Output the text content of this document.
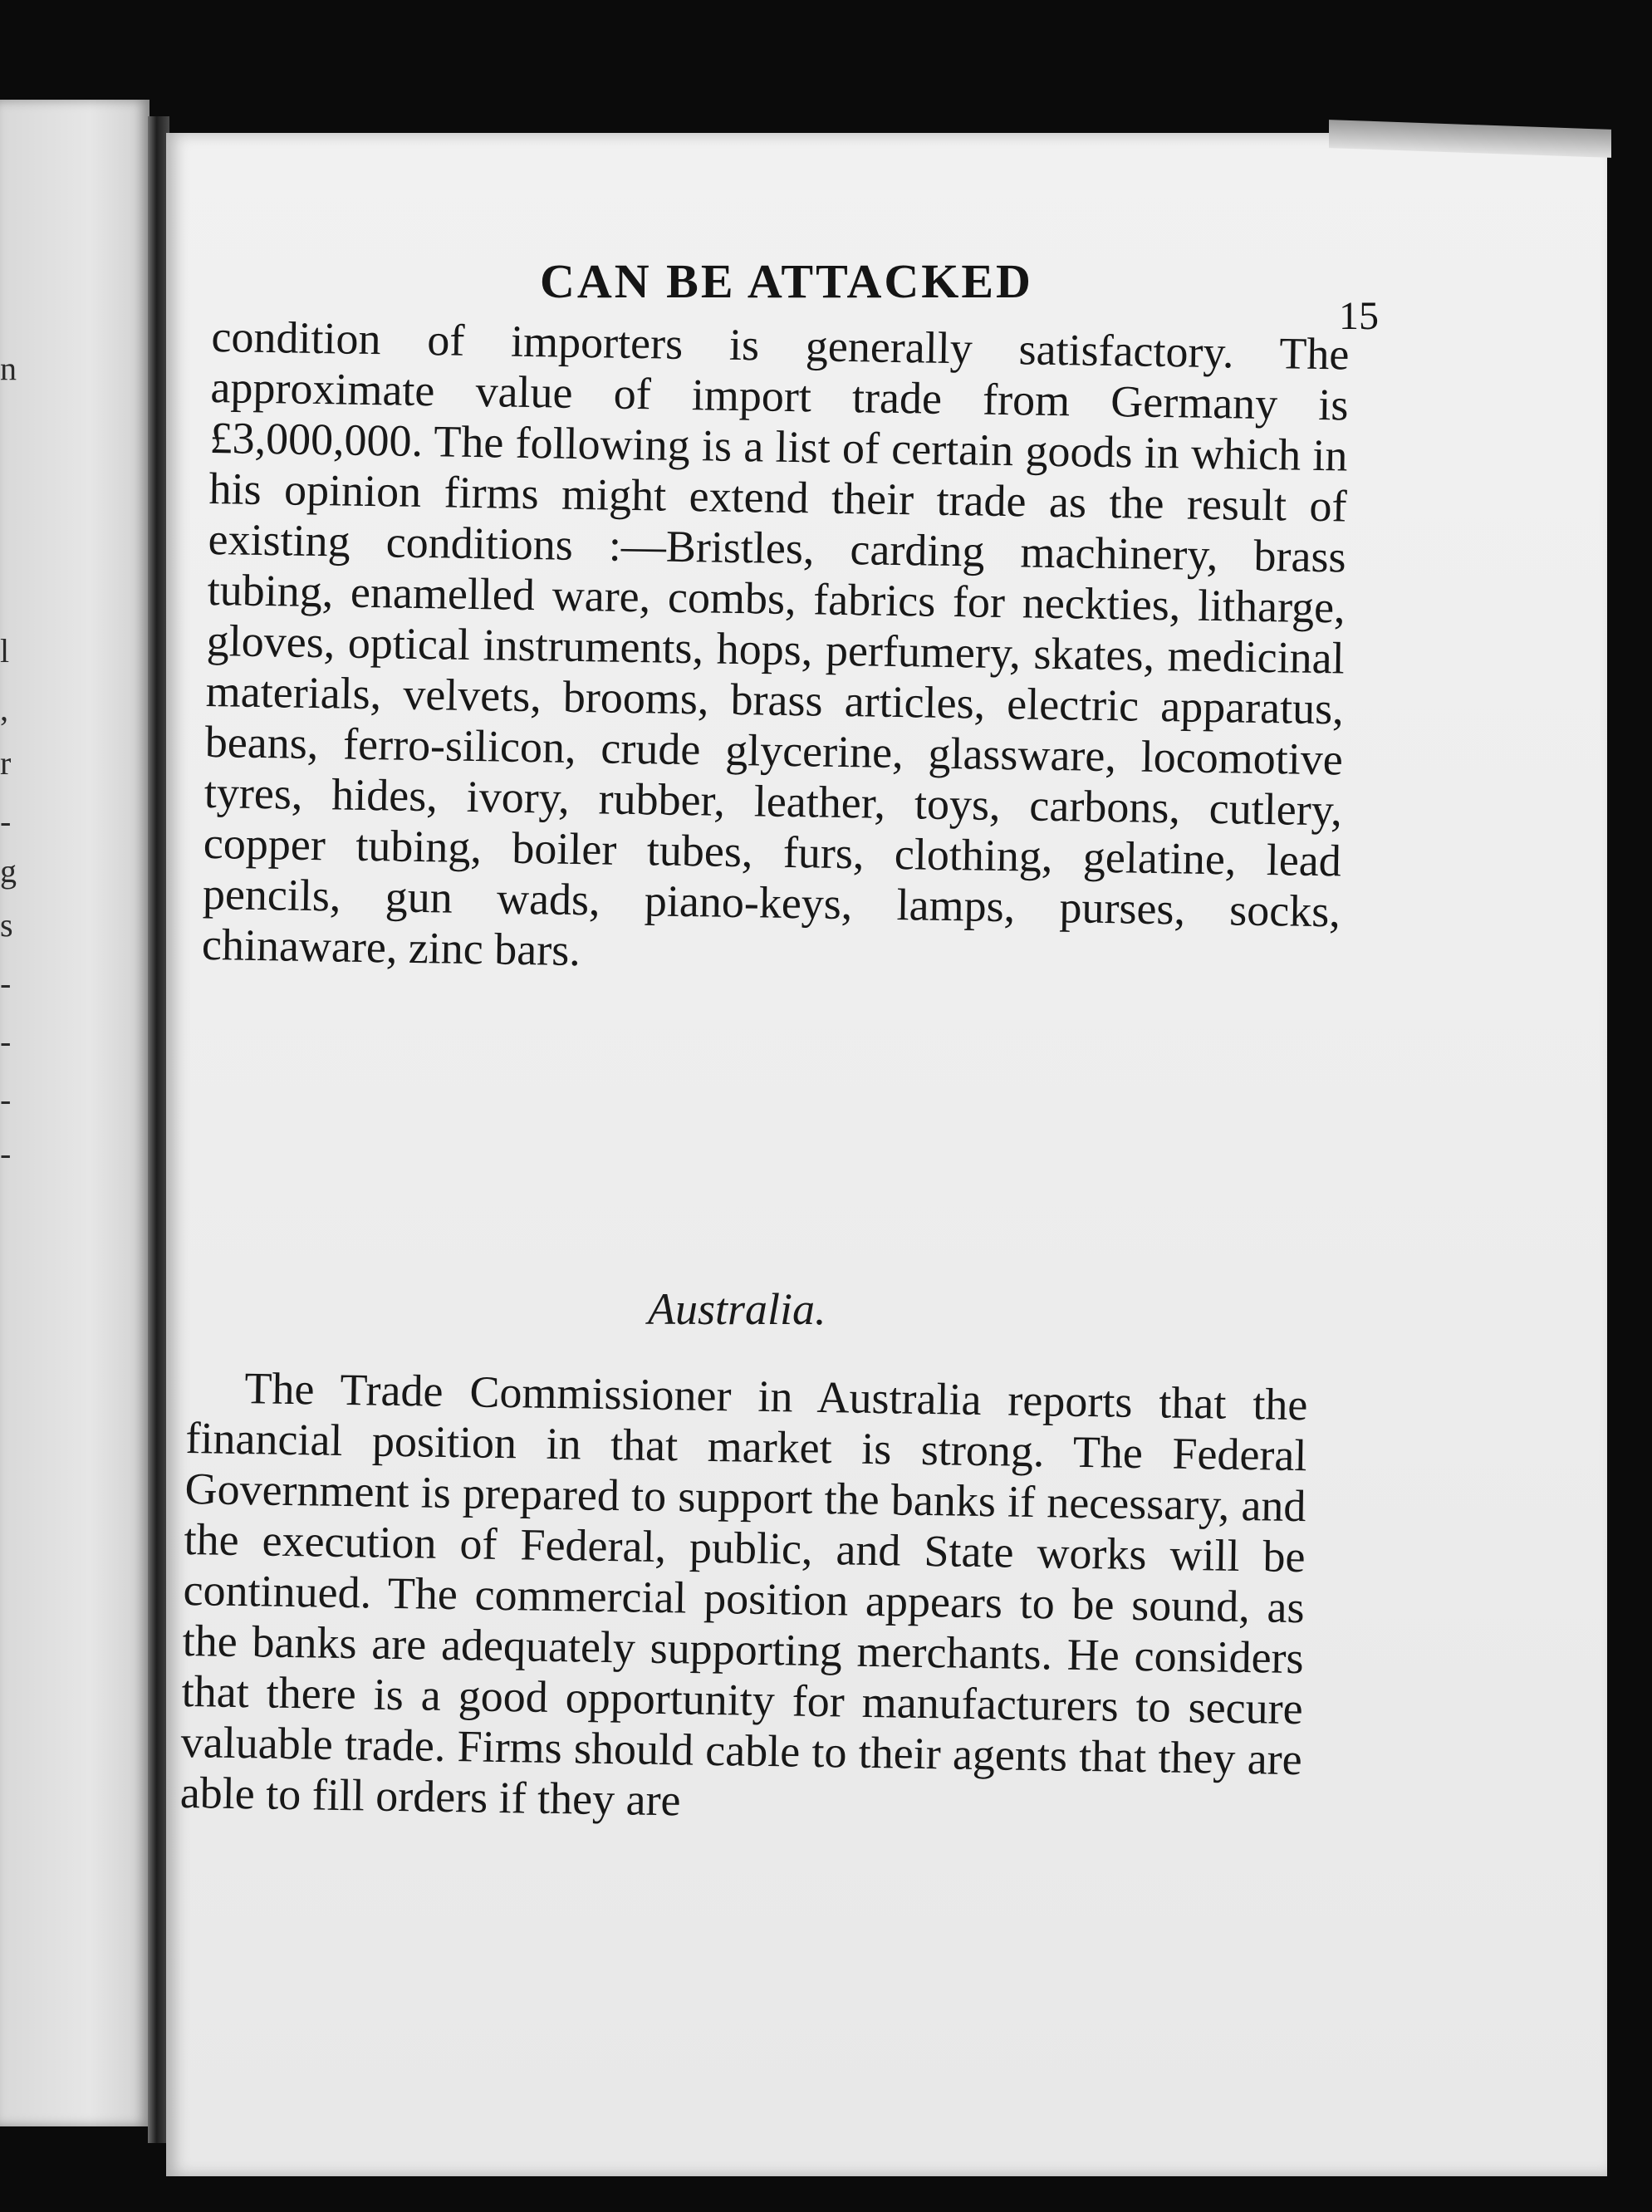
n
l
,
r
-
g
s
-
-
-
-
CAN BE ATTACKED
15

condition of importers is generally satisfactory. The approximate value of import trade from Germany is £3,000,000. The following is a list of certain goods in which in his opinion firms might extend their trade as the result of existing conditions :—Bristles, carding machinery, brass tubing, enamelled ware, combs, fabrics for neckties, litharge, gloves, optical instruments, hops, perfumery, skates, medicinal materials, velvets, brooms, brass articles, electric apparatus, beans, ferro-silicon, crude glycerine, glassware, locomotive tyres, hides, ivory, rubber, leather, toys, carbons, cutlery, copper tubing, boiler tubes, furs, clothing, gelatine, lead pencils, gun wads, piano-keys, lamps, purses, socks, chinaware, zinc bars.

Australia.

The Trade Commissioner in Australia reports that the financial position in that market is strong. The Federal Government is prepared to support the banks if necessary, and the execution of Federal, public, and State works will be continued. The commercial position appears to be sound, as the banks are adequately supporting merchants. He considers that there is a good opportunity for manufacturers to secure valuable trade. Firms should cable to their agents that they are able to fill orders if they are
